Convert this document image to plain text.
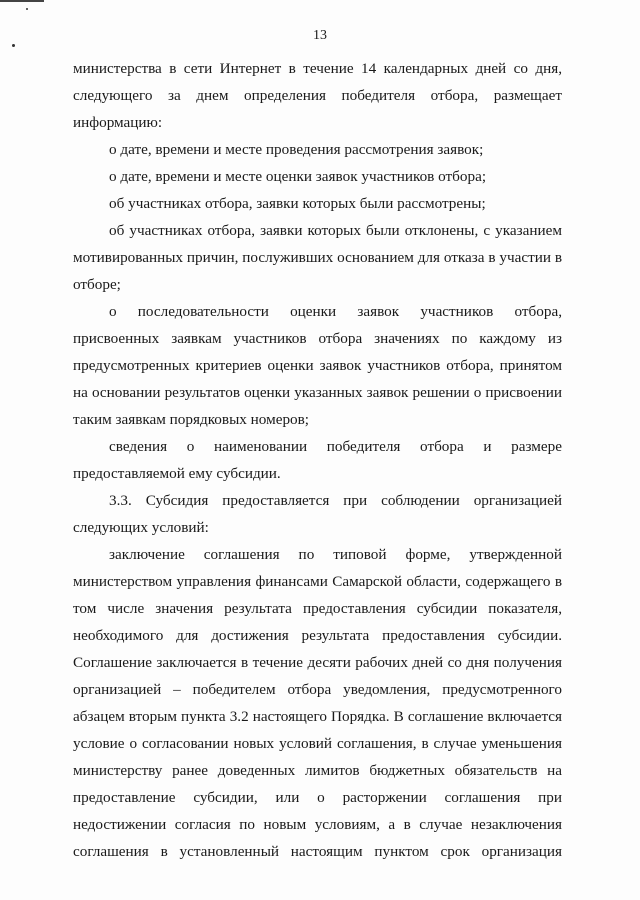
13

министерства в сети Интернет в течение 14 календарных дней со дня, следующего за днем определения победителя отбора, размещает информацию:

о дате, времени и месте проведения рассмотрения заявок;

о дате, времени и месте оценки заявок участников отбора;

об участниках отбора, заявки которых были рассмотрены;

об участниках отбора, заявки которых были отклонены, с указанием мотивированных причин, послуживших основанием для отказа в участии в отборе;

о последовательности оценки заявок участников отбора, присвоенных заявкам участников отбора значениях по каждому из предусмотренных критериев оценки заявок участников отбора, принятом на основании результатов оценки указанных заявок решении о присвоении таким заявкам порядковых номеров;

сведения о наименовании победителя отбора и размере предоставляемой ему субсидии.

3.3. Субсидия предоставляется при соблюдении организацией следующих условий:

заключение соглашения по типовой форме, утвержденной министерством управления финансами Самарской области, содержащего в том числе значения результата предоставления субсидии показателя, необходимого для достижения результата предоставления субсидии. Соглашение заключается в течение десяти рабочих дней со дня получения организацией – победителем отбора уведомления, предусмотренного абзацем вторым пункта 3.2 настоящего Порядка. В соглашение включается условие о согласовании новых условий соглашения, в случае уменьшения министерству ранее доведенных лимитов бюджетных обязательств на предоставление субсидии, или о расторжении соглашения при недостижении согласия по новым условиям, а в случае незаключения соглашения в установленный настоящим пунктом срок организация
